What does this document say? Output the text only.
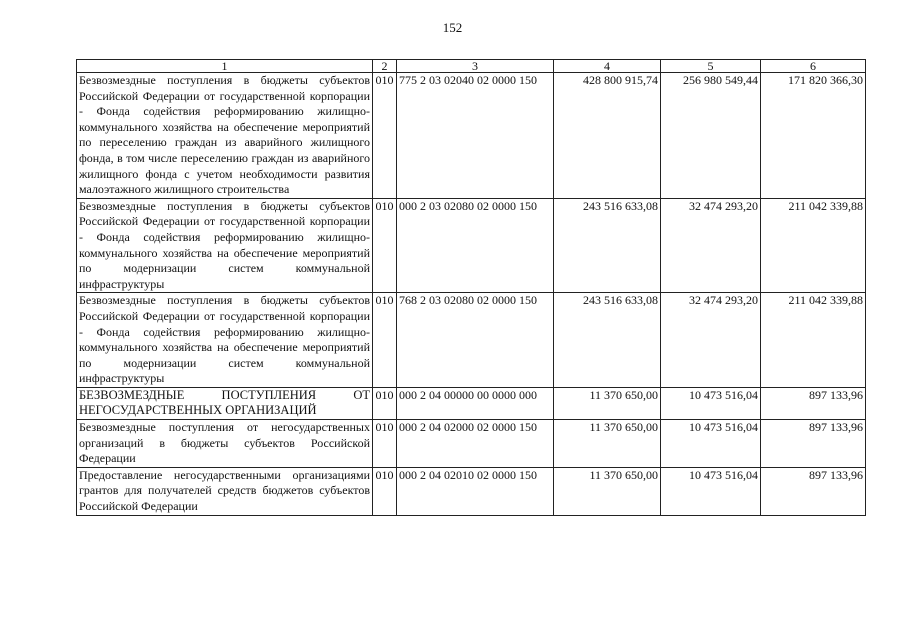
152
1	2	3	4	5	6
Безвозмездные поступления в бюджеты субъектов Российской Федерации от государственной корпорации - Фонда содействия реформированию жилищно-коммунального хозяйства на обеспечение мероприятий по переселению граждан из аварийного жилищного фонда, в том числе переселению граждан из аварийного жилищного фонда с учетом необходимости развития малоэтажного жилищного строительства	010	775 2 03 02040 02 0000 150	428 800 915,74	256 980 549,44	171 820 366,30
Безвозмездные поступления в бюджеты субъектов Российской Федерации от государственной корпорации - Фонда содействия реформированию жилищно-коммунального хозяйства на обеспечение мероприятий по модернизации систем коммунальной инфраструктуры	010	000 2 03 02080 02 0000 150	243 516 633,08	32 474 293,20	211 042 339,88
Безвозмездные поступления в бюджеты субъектов Российской Федерации от государственной корпорации - Фонда содействия реформированию жилищно-коммунального хозяйства на обеспечение мероприятий по модернизации систем коммунальной инфраструктуры	010	768 2 03 02080 02 0000 150	243 516 633,08	32 474 293,20	211 042 339,88
БЕЗВОЗМЕЗДНЫЕ ПОСТУПЛЕНИЯ ОТ НЕГОСУДАРСТВЕННЫХ ОРГАНИЗАЦИЙ	010	000 2 04 00000 00 0000 000	11 370 650,00	10 473 516,04	897 133,96
Безвозмездные поступления от негосударственных организаций в бюджеты субъектов Российской Федерации	010	000 2 04 02000 02 0000 150	11 370 650,00	10 473 516,04	897 133,96
Предоставление негосударственными организациями грантов для получателей средств бюджетов субъектов Российской Федерации	010	000 2 04 02010 02 0000 150	11 370 650,00	10 473 516,04	897 133,96
